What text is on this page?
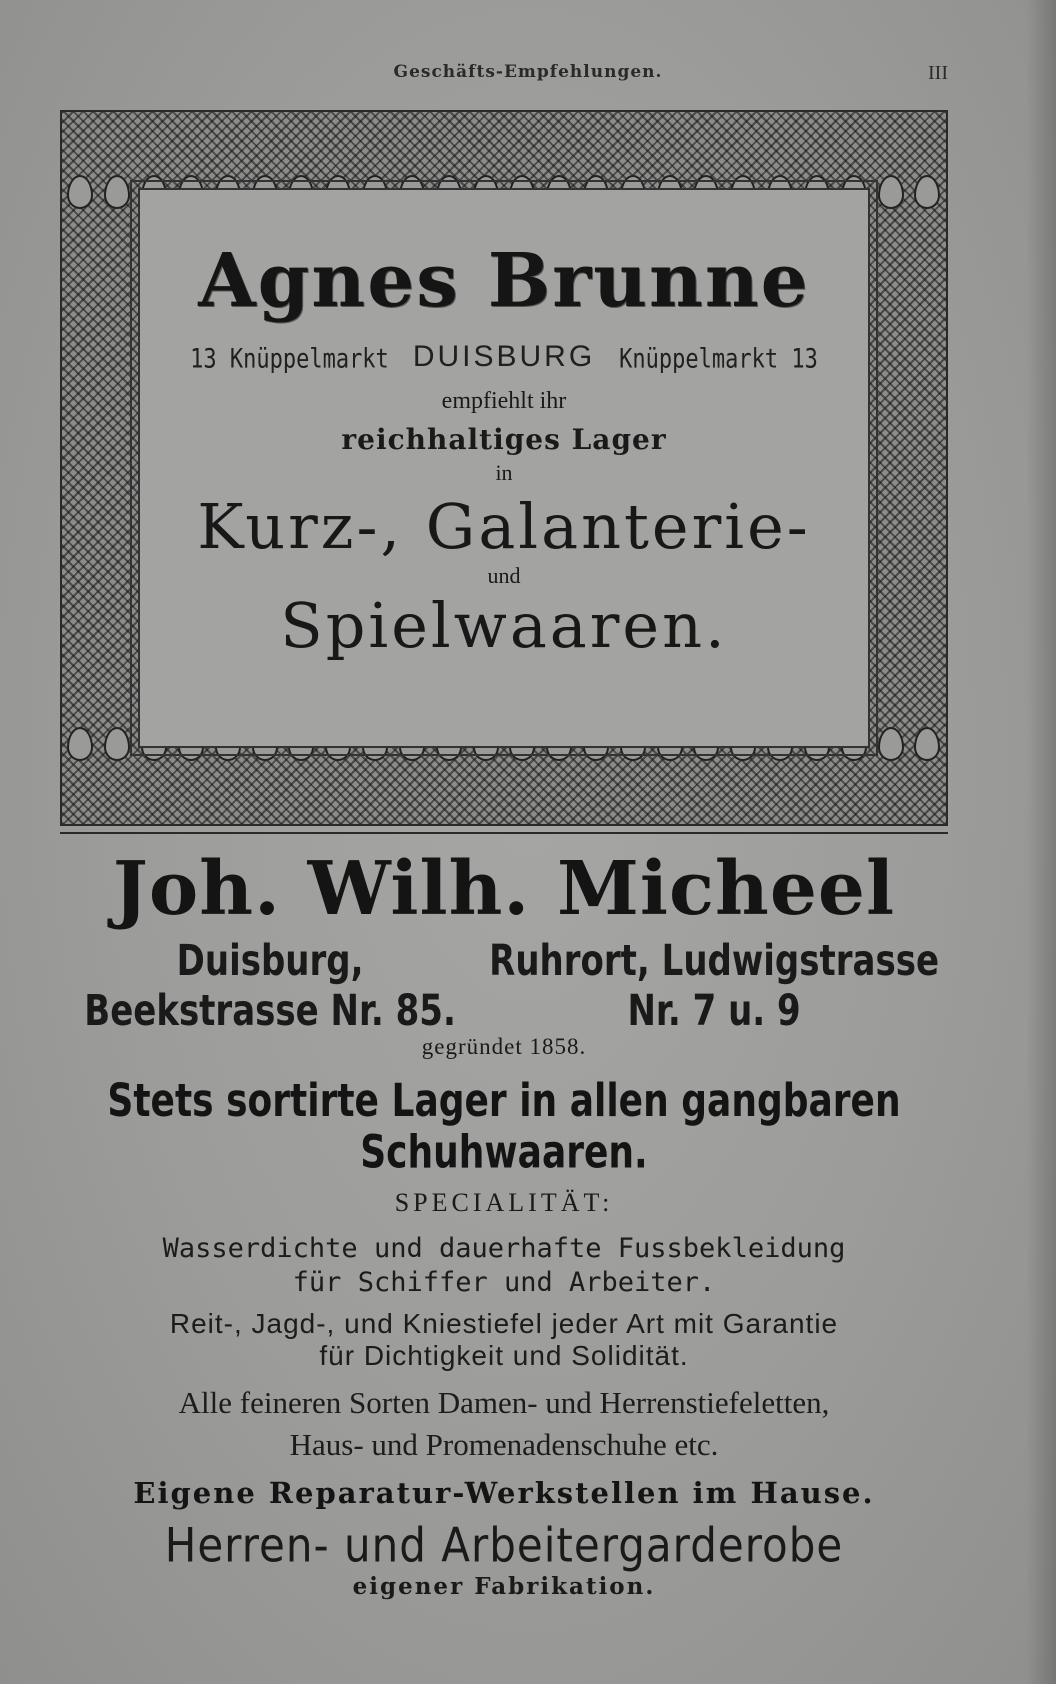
Geschäfts-Empfehlungen.	III
Agnes Brunne
13 Knüppelmarkt DUISBURG Knüppelmarkt 13
empfiehlt ihr
reichhaltiges Lager
in
Kurz-, Galanterie-
und
Spielwaaren.
Joh. Wilh. Micheel
Duisburg, Beekstrasse Nr. 85.
Ruhrort, Ludwigstrasse Nr. 7 u. 9
gegründet 1858.
Stets sortirte Lager in allen gangbaren Schuhwaaren.
SPECIALITÄT:
Wasserdichte und dauerhafte Fussbekleidung
für Schiffer und Arbeiter.
Reit-, Jagd-, und Kniestiefel jeder Art mit Garantie
für Dichtigkeit und Solidität.
Alle feineren Sorten Damen- und Herrenstiefeletten,
Haus- und Promenadenschuhe etc.
Eigene Reparatur-Werkstellen im Hause.
Herren- und Arbeitergarderobe
eigener Fabrikation.
